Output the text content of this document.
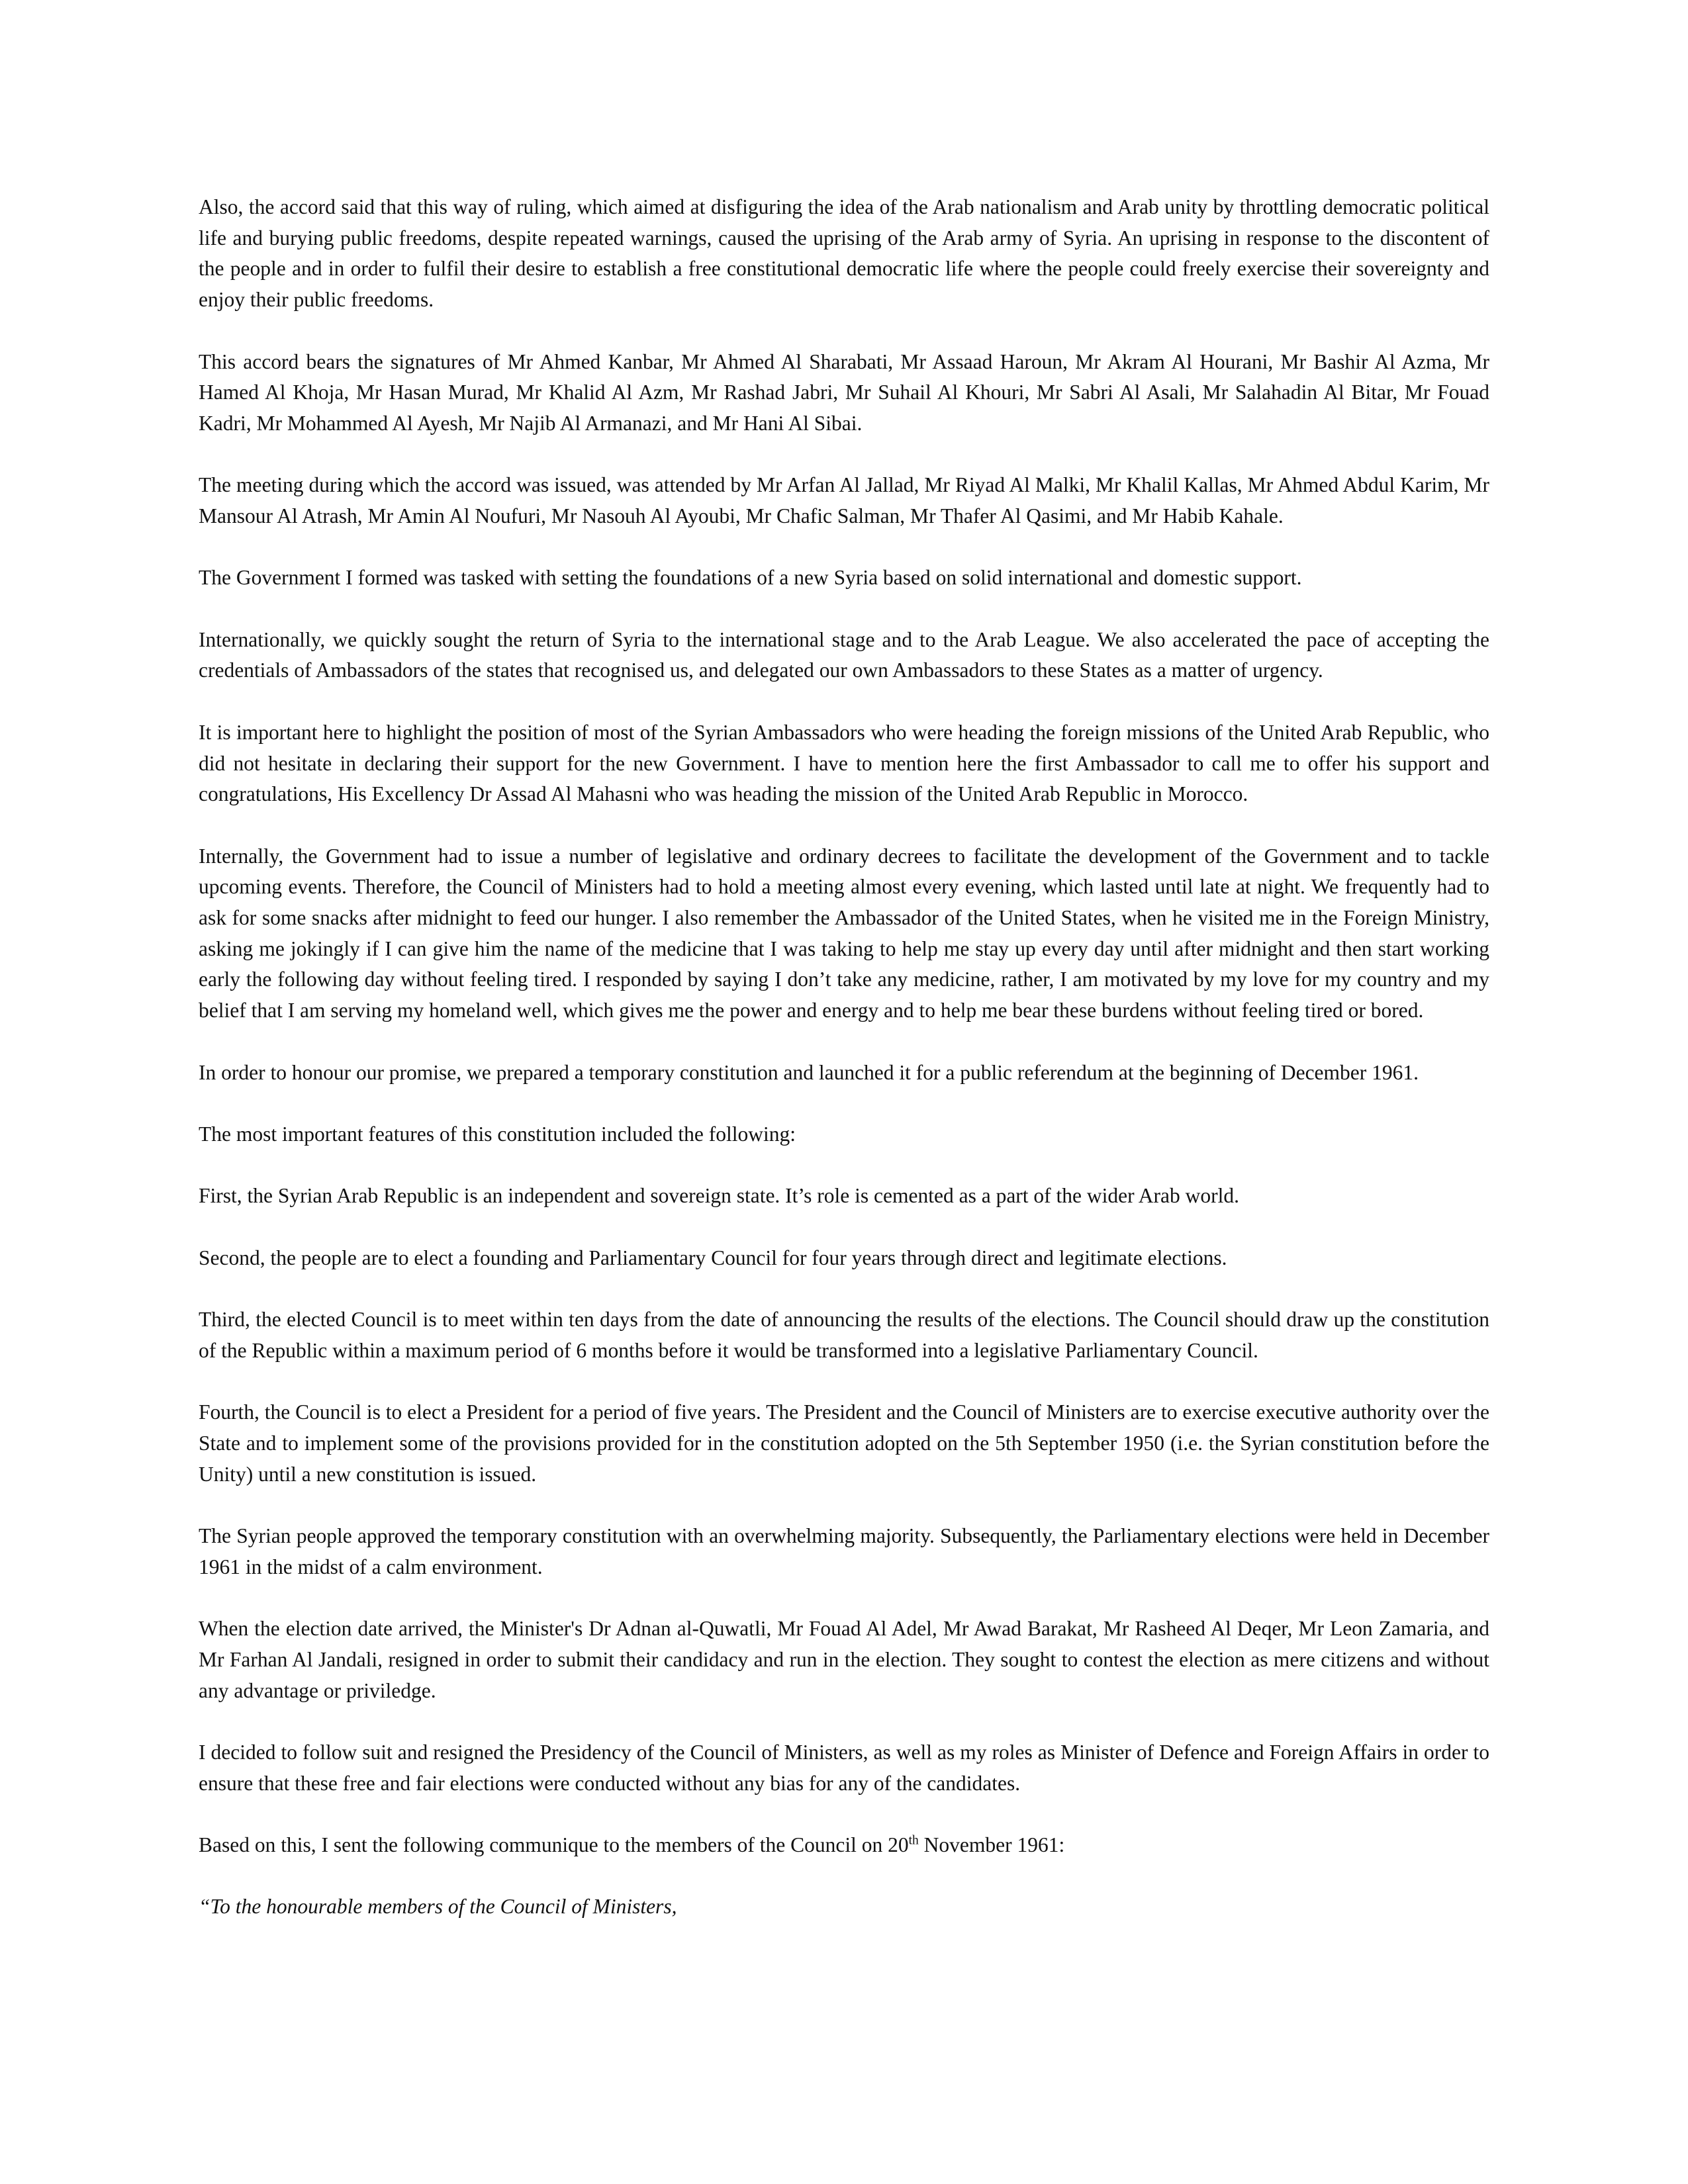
Also, the accord said that this way of ruling, which aimed at disfiguring the idea of the Arab nationalism and Arab unity by throttling democratic political life and burying public freedoms, despite repeated warnings, caused the uprising of the Arab army of Syria. An uprising in response to the discontent of the people and in order to fulfil their desire to establish a free constitutional democratic life where the people could freely exercise their sovereignty and enjoy their public freedoms.

This accord bears the signatures of Mr Ahmed Kanbar, Mr Ahmed Al Sharabati, Mr Assaad Haroun, Mr Akram Al Hourani, Mr Bashir Al Azma, Mr Hamed Al Khoja, Mr Hasan Murad, Mr Khalid Al Azm, Mr Rashad Jabri, Mr Suhail Al Khouri, Mr Sabri Al Asali, Mr Salahadin Al Bitar, Mr Fouad Kadri, Mr Mohammed Al Ayesh, Mr Najib Al Armanazi, and Mr Hani Al Sibai.

The meeting during which the accord was issued, was attended by Mr Arfan Al Jallad, Mr Riyad Al Malki, Mr Khalil Kallas, Mr Ahmed Abdul Karim, Mr Mansour Al Atrash, Mr Amin Al Noufuri, Mr Nasouh Al Ayoubi, Mr Chafic Salman, Mr Thafer Al Qasimi, and Mr Habib Kahale.

The Government I formed was tasked with setting the foundations of a new Syria based on solid international and domestic support.

Internationally, we quickly sought the return of Syria to the international stage and to the Arab League. We also accelerated the pace of accepting the credentials of Ambassadors of the states that recognised us, and delegated our own Ambassadors to these States as a matter of urgency.

It is important here to highlight the position of most of the Syrian Ambassadors who were heading the foreign missions of the United Arab Republic, who did not hesitate in declaring their support for the new Government. I have to mention here the first Ambassador to call me to offer his support and congratulations, His Excellency Dr Assad Al Mahasni who was heading the mission of the United Arab Republic in Morocco.

Internally, the Government had to issue a number of legislative and ordinary decrees to facilitate the development of the Government and to tackle upcoming events. Therefore, the Council of Ministers had to hold a meeting almost every evening, which lasted until late at night. We frequently had to ask for some snacks after midnight to feed our hunger. I also remember the Ambassador of the United States, when he visited me in the Foreign Ministry, asking me jokingly if I can give him the name of the medicine that I was taking to help me stay up every day until after midnight and then start working early the following day without feeling tired. I responded by saying I don’t take any medicine, rather, I am motivated by my love for my country and my belief that I am serving my homeland well, which gives me the power and energy and to help me bear these burdens without feeling tired or bored.

In order to honour our promise, we prepared a temporary constitution and launched it for a public referendum at the beginning of December 1961.

The most important features of this constitution included the following:

First, the Syrian Arab Republic is an independent and sovereign state. It’s role is cemented as a part of the wider Arab world.

Second, the people are to elect a founding and Parliamentary Council for four years through direct and legitimate elections.

Third, the elected Council is to meet within ten days from the date of announcing the results of the elections. The Council should draw up the constitution of the Republic within a maximum period of 6 months before it would be transformed into a legislative Parliamentary Council.

Fourth, the Council is to elect a President for a period of five years. The President and the Council of Ministers are to exercise executive authority over the State and to implement some of the provisions provided for in the constitution adopted on the 5th September 1950 (i.e. the Syrian constitution before the Unity) until a new constitution is issued.

The Syrian people approved the temporary constitution with an overwhelming majority. Subsequently, the Parliamentary elections were held in December 1961 in the midst of a calm environment.

When the election date arrived, the Minister's Dr Adnan al-Quwatli, Mr Fouad Al Adel, Mr Awad Barakat, Mr Rasheed Al Deqer, Mr Leon Zamaria, and Mr Farhan Al Jandali, resigned in order to submit their candidacy and run in the election. They sought to contest the election as mere citizens and without any advantage or priviledge.

I decided to follow suit and resigned the Presidency of the Council of Ministers, as well as my roles as Minister of Defence and Foreign Affairs in order to ensure that these free and fair elections were conducted without any bias for any of the candidates.

Based on this, I sent the following communique to the members of the Council on 20th November 1961:

“To the honourable members of the Council of Ministers,
